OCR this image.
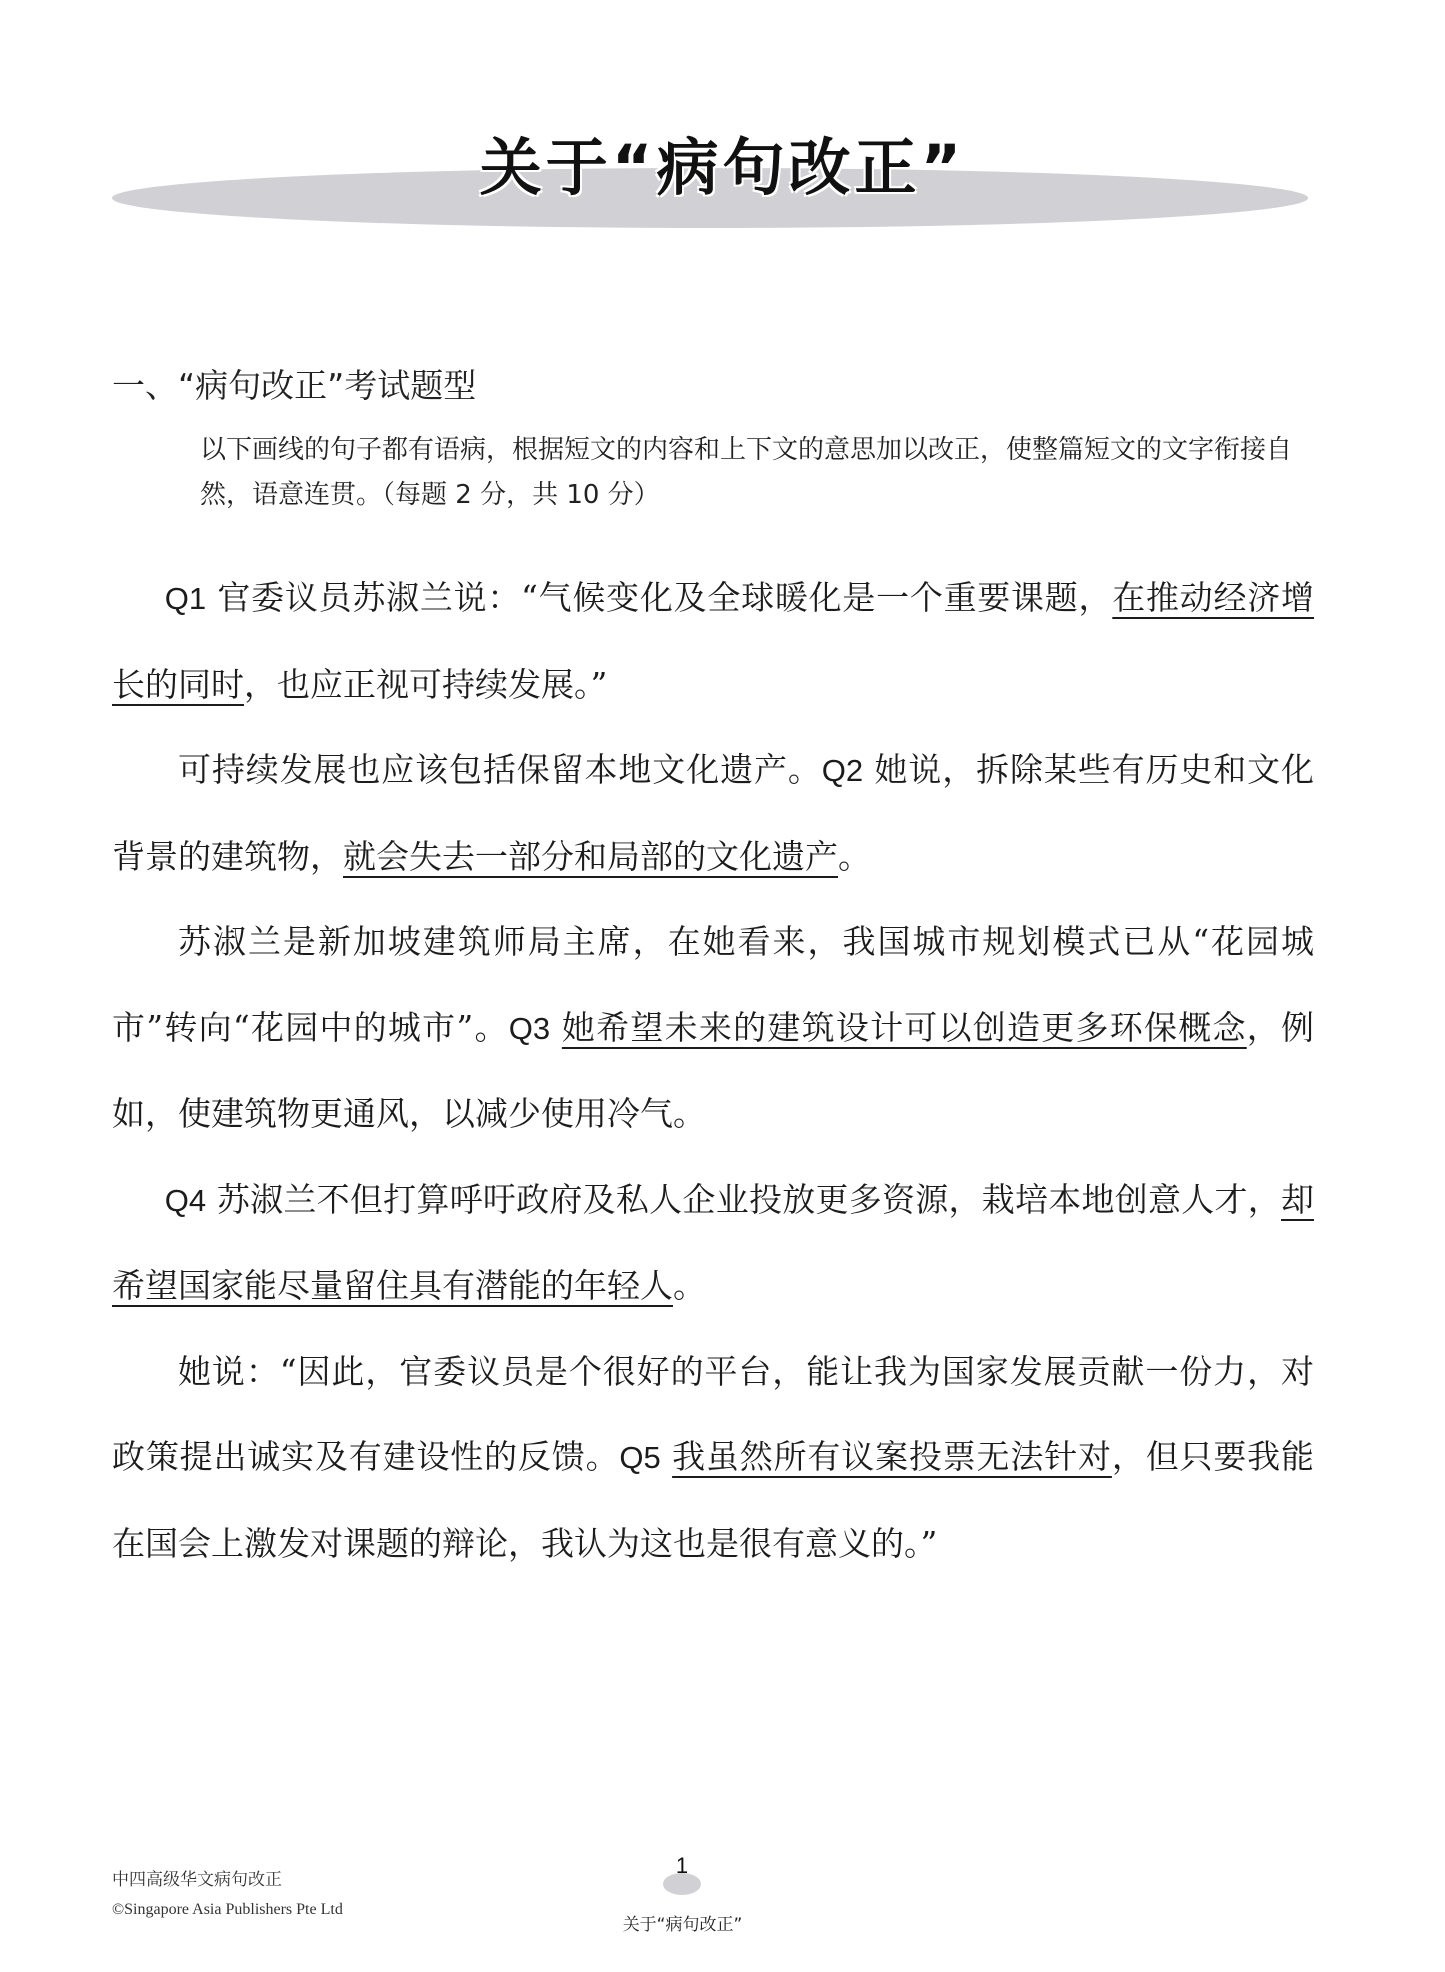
关于“病句改正”
一、“病句改正”考试题型
以下画线的句子都有语病，根据短文的内容和上下文的意思加以改正，使整篇短文的文字衔接自然，语意连贯。（每题 2 分，共 10 分）

Q1 官委议员苏淑兰说：“气候变化及全球暖化是一个重要课题，在推动经济增长的同时，也应正视可持续发展。”

可持续发展也应该包括保留本地文化遗产。Q2 她说，拆除某些有历史和文化背景的建筑物，就会失去一部分和局部的文化遗产。

苏淑兰是新加坡建筑师局主席，在她看来，我国城市规划模式已从“花园城市”转向“花园中的城市”。Q3 她希望未来的建筑设计可以创造更多环保概念，例如，使建筑物更通风，以减少使用冷气。

Q4 苏淑兰不但打算呼吁政府及私人企业投放更多资源，栽培本地创意人才，却希望国家能尽量留住具有潜能的年轻人。

她说：“因此，官委议员是个很好的平台，能让我为国家发展贡献一份力，对政策提出诚实及有建设性的反馈。Q5 我虽然所有议案投票无法针对，但只要我能在国会上激发对课题的辩论，我认为这也是很有意义的。”

中四高级华文病句改正
©Singapore Asia Publishers Pte Ltd
1
关于“病句改正”
